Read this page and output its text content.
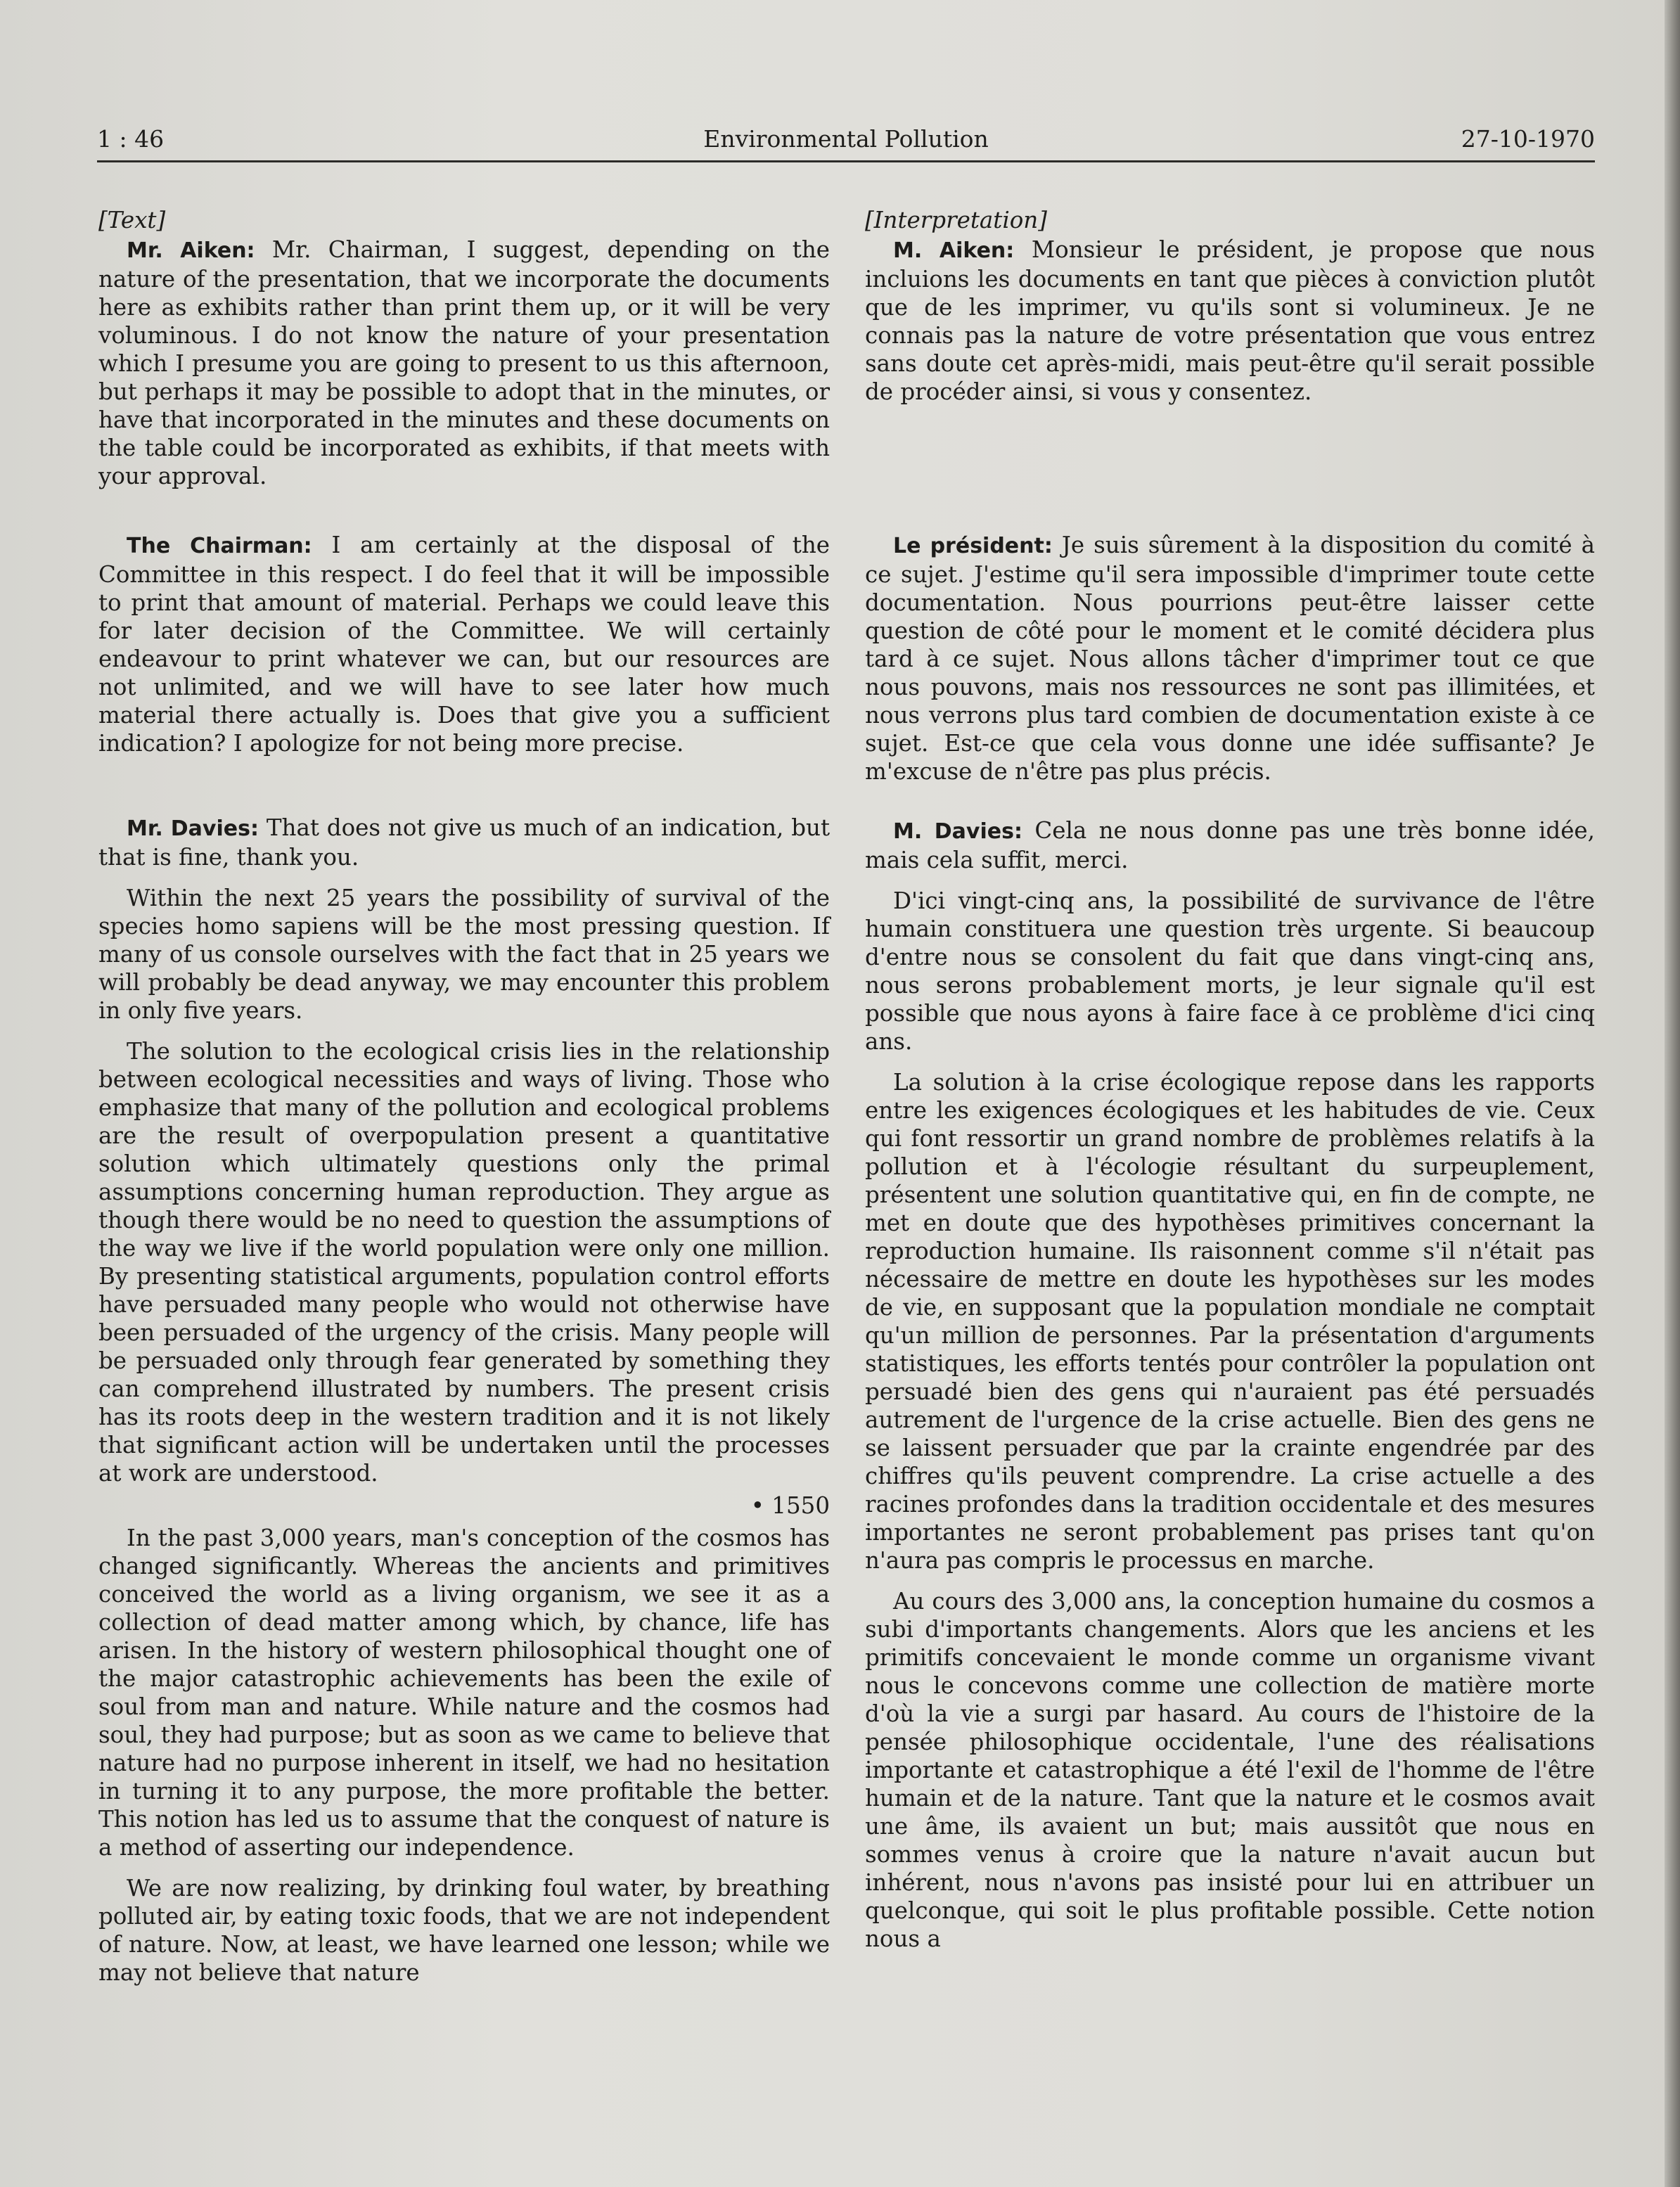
1 : 46	Environmental Pollution	27-10-1970
[Text]

Mr. Aiken: Mr. Chairman, I suggest, depending on the nature of the presentation, that we incorporate the documents here as exhibits rather than print them up, or it will be very voluminous. I do not know the nature of your presentation which I presume you are going to present to us this afternoon, but perhaps it may be possible to adopt that in the minutes, or have that incorporated in the minutes and these documents on the table could be incorporated as exhibits, if that meets with your approval.

The Chairman: I am certainly at the disposal of the Committee in this respect. I do feel that it will be impossible to print that amount of material. Perhaps we could leave this for later decision of the Committee. We will certainly endeavour to print whatever we can, but our resources are not unlimited, and we will have to see later how much material there actually is. Does that give you a sufficient indication? I apologize for not being more precise.

Mr. Davies: That does not give us much of an indication, but that is fine, thank you.

Within the next 25 years the possibility of survival of the species homo sapiens will be the most pressing question. If many of us console ourselves with the fact that in 25 years we will probably be dead anyway, we may encounter this problem in only five years.

The solution to the ecological crisis lies in the relationship between ecological necessities and ways of living. Those who emphasize that many of the pollution and ecological problems are the result of overpopulation present a quantitative solution which ultimately questions only the primal assumptions concerning human reproduction. They argue as though there would be no need to question the assumptions of the way we live if the world population were only one million. By presenting statistical arguments, population control efforts have persuaded many people who would not otherwise have been persuaded of the urgency of the crisis. Many people will be persuaded only through fear generated by something they can comprehend illustrated by numbers. The present crisis has its roots deep in the western tradition and it is not likely that significant action will be undertaken until the processes at work are understood.

• 1550

In the past 3,000 years, man's conception of the cosmos has changed significantly. Whereas the ancients and primitives conceived the world as a living organism, we see it as a collection of dead matter among which, by chance, life has arisen. In the history of western philosophical thought one of the major catastrophic achievements has been the exile of soul from man and nature. While nature and the cosmos had soul, they had purpose; but as soon as we came to believe that nature had no purpose inherent in itself, we had no hesitation in turning it to any purpose, the more profitable the better. This notion has led us to assume that the conquest of nature is a method of asserting our independence.

We are now realizing, by drinking foul water, by breathing polluted air, by eating toxic foods, that we are not independent of nature. Now, at least, we have learned one lesson; while we may not believe that nature

[Interpretation]

M. Aiken: Monsieur le président, je propose que nous incluions les documents en tant que pièces à conviction plutôt que de les imprimer, vu qu'ils sont si volumineux. Je ne connais pas la nature de votre présentation que vous entrez sans doute cet après-midi, mais peut-être qu'il serait possible de procéder ainsi, si vous y consentez.

Le président: Je suis sûrement à la disposition du comité à ce sujet. J'estime qu'il sera impossible d'imprimer toute cette documentation. Nous pourrions peut-être laisser cette question de côté pour le moment et le comité décidera plus tard à ce sujet. Nous allons tâcher d'imprimer tout ce que nous pouvons, mais nos ressources ne sont pas illimitées, et nous verrons plus tard combien de documentation existe à ce sujet. Est-ce que cela vous donne une idée suffisante? Je m'excuse de n'être pas plus précis.

M. Davies: Cela ne nous donne pas une très bonne idée, mais cela suffit, merci.

D'ici vingt-cinq ans, la possibilité de survivance de l'être humain constituera une question très urgente. Si beaucoup d'entre nous se consolent du fait que dans vingt-cinq ans, nous serons probablement morts, je leur signale qu'il est possible que nous ayons à faire face à ce problème d'ici cinq ans.

La solution à la crise écologique repose dans les rapports entre les exigences écologiques et les habitudes de vie. Ceux qui font ressortir un grand nombre de problèmes relatifs à la pollution et à l'écologie résultant du surpeuplement, présentent une solution quantitative qui, en fin de compte, ne met en doute que des hypothèses primitives concernant la reproduction humaine. Ils raisonnent comme s'il n'était pas nécessaire de mettre en doute les hypothèses sur les modes de vie, en supposant que la population mondiale ne comptait qu'un million de personnes. Par la présentation d'arguments statistiques, les efforts tentés pour contrôler la population ont persuadé bien des gens qui n'auraient pas été persuadés autrement de l'urgence de la crise actuelle. Bien des gens ne se laissent persuader que par la crainte engendrée par des chiffres qu'ils peuvent comprendre. La crise actuelle a des racines profondes dans la tradition occidentale et des mesures importantes ne seront probablement pas prises tant qu'on n'aura pas compris le processus en marche.

Au cours des 3,000 ans, la conception humaine du cosmos a subi d'importants changements. Alors que les anciens et les primitifs concevaient le monde comme un organisme vivant nous le concevons comme une collection de matière morte d'où la vie a surgi par hasard. Au cours de l'histoire de la pensée philosophique occidentale, l'une des réalisations importante et catastrophique a été l'exil de l'homme de l'être humain et de la nature. Tant que la nature et le cosmos avait une âme, ils avaient un but; mais aussitôt que nous en sommes venus à croire que la nature n'avait aucun but inhérent, nous n'avons pas insisté pour lui en attribuer un quelconque, qui soit le plus profitable possible. Cette notion nous a
